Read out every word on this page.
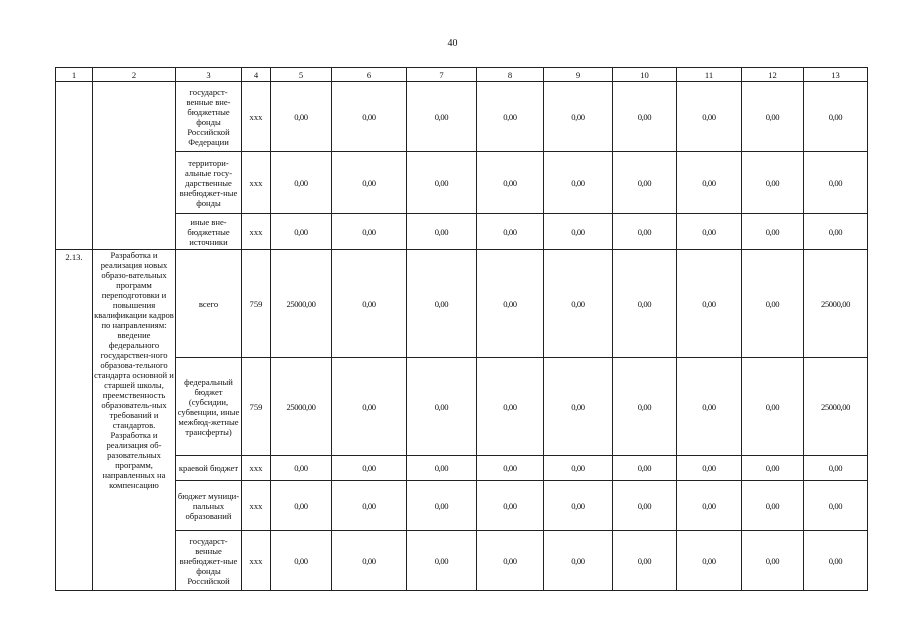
40
1	2	3	4	5	6	7	8	9	10	11	12	13
		государст-венные вне-бюджетные фонды Российской Федерации	ххх	0,00	0,00	0,00	0,00	0,00	0,00	0,00	0,00	0,00
		территори-альные госу-дарственные внебюджет-ные фонды	ххх	0,00	0,00	0,00	0,00	0,00	0,00	0,00	0,00	0,00
		иные вне-бюджетные источники	ххх	0,00	0,00	0,00	0,00	0,00	0,00	0,00	0,00	0,00
2.13.	Разработка и реализация новых образо-вательных программ переподготовки и повышения квалификации кадров по направлениям: введение федерального государствен-ного образова-тельного стандарта основной и старшей школы, преемственность образователь-ных требований и стандартов. Разработка и реализация об-разовательных программ, направленных на компенсацию	всего	759	25000,00	0,00	0,00	0,00	0,00	0,00	0,00	0,00	25000,00
		федеральный бюджет (субсидии, субвенции, иные межбюд-жетные трансферты)	759	25000,00	0,00	0,00	0,00	0,00	0,00	0,00	0,00	25000,00
		краевой бюджет	ххх	0,00	0,00	0,00	0,00	0,00	0,00	0,00	0,00	0,00
		бюджет муници-пальных образований	ххх	0,00	0,00	0,00	0,00	0,00	0,00	0,00	0,00	0,00
		государст-венные внебюджет-ные фонды Российской	ххх	0,00	0,00	0,00	0,00	0,00	0,00	0,00	0,00	0,00
